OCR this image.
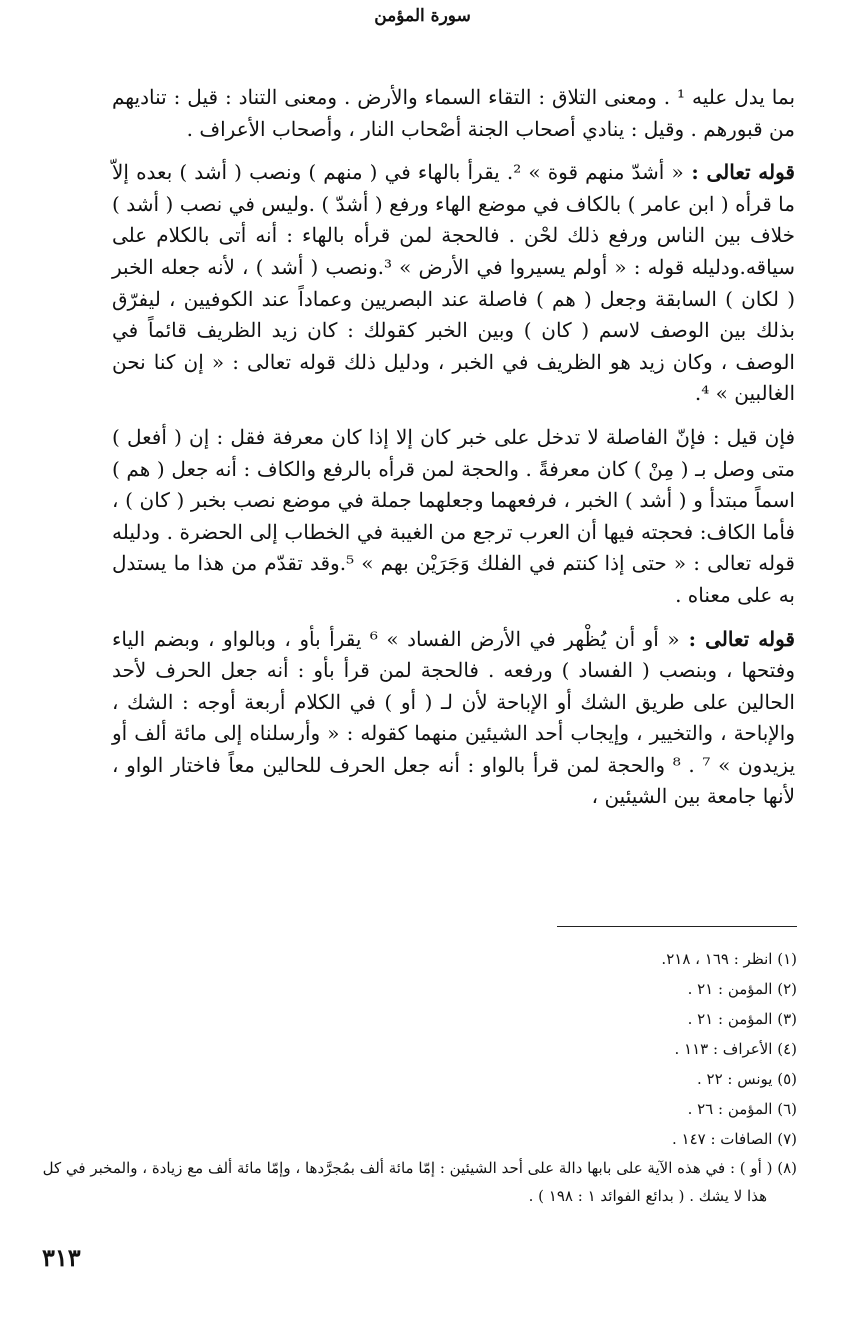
سورة المؤمن

بما يدل عليه ¹ . ومعنى التلاق : التقاء السماء والأرض . ومعنى التناد : قيل : تناديهم من قبورهم . وقيل : ينادي أصحاب الجنة أصْحاب النار ، وأصحاب الأعراف .

قوله تعالى : « أشدّ منهم قوة » ². يقرأ بالهاء في ( منهم ) ونصب ( أشد ) بعده إلاّ ما قرأه ( ابن عامر ) بالكاف في موضع الهاء ورفع ( أشدّ ) .وليس في نصب ( أشد ) خلاف بين الناس ورفع ذلك لحْن . فالحجة لمن قرأه بالهاء : أنه أتى بالكلام على سياقه.ودليله قوله : « أولم يسيروا في الأرض » ³.ونصب ( أشد ) ، لأنه جعله الخبر ( لكان ) السابقة وجعل ( هم ) فاصلة عند البصريين وعماداً عند الكوفيين ، ليفرّق بذلك بين الوصف لاسم ( كان ) وبين الخبر كقولك : كان زيد الظريف قائماً في الوصف ، وكان زيد هو الظريف في الخبر ، ودليل ذلك قوله تعالى : « إن كنا نحن الغالبين » ⁴.

فإن قيل : فإنّ الفاصلة لا تدخل على خبر كان إلا إذا كان معرفة فقل : إن ( أفعل ) متى وصل بـ ( مِنْ ) كان معرفةً . والحجة لمن قرأه بالرفع والكاف : أنه جعل ( هم ) اسماً مبتدأ و ( أشد ) الخبر ، فرفعهما وجعلهما جملة في موضع نصب بخبر ( كان ) ، فأما الكاف: فحجته فيها أن العرب ترجع من الغيبة في الخطاب إلى الحضرة . ودليله قوله تعالى : « حتى إذا كنتم في الفلك وَجَرَيْن بهم » ⁵.وقد تقدّم من هذا ما يستدل به على معناه .

قوله تعالى : « أو أن يُظْهر في الأرض الفساد » ⁶ يقرأ بأو ، وبالواو ، وبضم الياء وفتحها ، وبنصب ( الفساد ) ورفعه . فالحجة لمن قرأ بأو : أنه جعل الحرف لأحد الحالين على طريق الشك أو الإباحة لأن لـ ( أو ) في الكلام أربعة أوجه : الشك ، والإباحة ، والتخيير ، وإيجاب أحد الشيئين منهما كقوله : « وأرسلناه إلى مائة ألف أو يزيدون » ⁷ . ⁸ والحجة لمن قرأ بالواو : أنه جعل الحرف للحالين معاً فاختار الواو ، لأنها جامعة بين الشيئين ،

(١) انظر : ١٦٩ ، ٢١٨.

(٢) المؤمن : ٢١ .

(٣) المؤمن : ٢١ .

(٤) الأعراف : ١١٣ .

(٥) يونس : ٢٢ .

(٦) المؤمن : ٢٦ .

(٧) الصافات : ١٤٧ .

(٨) ( أو ) : في هذه الآية على بابها دالة على أحد الشيئين : إمّا مائة ألف بمُجرَّدها ، وإمّا مائة ألف مع زيادة ، والمخبر في كل هذا لا يشك . ( بدائع الفوائد ١ : ١٩٨ ) .

٣١٣
